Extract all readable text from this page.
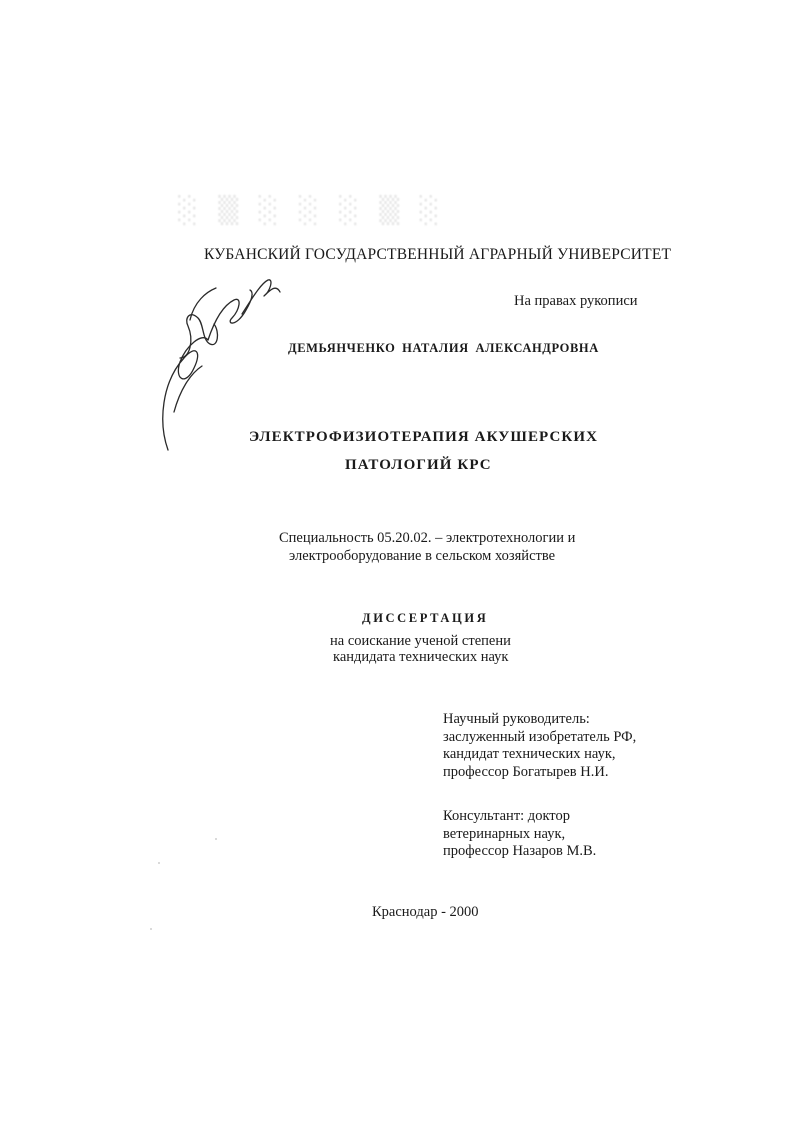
░ ▒ ░ ░ ░ ▒ ░
КУБАНСКИЙ ГОСУДАРСТВЕННЫЙ АГРАРНЫЙ УНИВЕРСИТЕТ
На правах рукописи
ДЕМЬЯНЧЕНКО НАТАЛИЯ АЛЕКСАНДРОВНА
ЭЛЕКТРОФИЗИОТЕРАПИЯ АКУШЕРСКИХ
ПАТОЛОГИЙ КРС
Специальность 05.20.02. – электротехнологии и
электрооборудование в сельском хозяйстве
ДИССЕРТАЦИЯ
на соискание ученой степени
кандидата технических наук
Научный руководитель:
заслуженный изобретатель РФ,
кандидат технических наук,
профессор Богатырев Н.И.
Консультант: доктор
ветеринарных наук,
профессор Назаров М.В.
Краснодар - 2000
